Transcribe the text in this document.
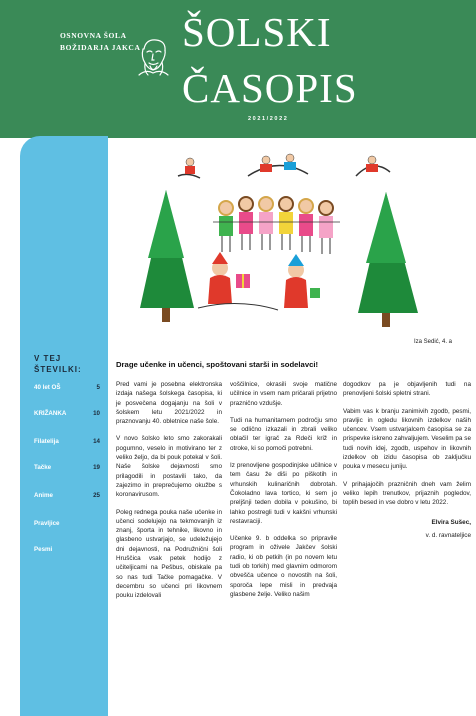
OSNOVNA ŠOLA
BOŽIDARJA JAKCA ŠOLSKI
ČASOPIS
2021/2022
V TEJ
ŠTEVILKI:
40 let OŠ	5
KRIŽANKA	10
Filatelija	14
Tačke	19
Anime	25
Pravljice
Pesmi
Iza Sedić, 4. a
Drage učenke in učenci, spoštovani starši in sodelavci!

Pred vami je posebna elektronska izdaja našega šolskega časopisa, ki je posvečena dogajanju na šoli v šolskem letu 2021/2022 in praznovanju 40. obletnice naše šole.

V novo šolsko leto smo zakorakali pogumno, veselo in motivirano ter z veliko željo, da bi pouk potekal v šoli. Naše šolske dejavnosti smo prilagodili in postavili tako, da zajezimo in preprečujemo okužbe s koronavirusom.

Poleg rednega pouka naše učenke in učenci sodelujejo na tekmovanjih iz znanj, športa in tehnike, likovno in glasbeno ustvarjajo, se udeležujejo dni dejavnosti, na Podružnični šoli Hruščica vsak petek hodijo z učiteljicami na Pešbus, obiskale pa so nas tudi Tačke pomagačke. V decembru so učenci pri likovnem pouku izdelovali

voščilnice, okrasili svoje matične učilnice in vsem nam pričarali prijetno praznično vzdušje.

Tudi na humanitarnem področju smo se odlično izkazali in zbrali veliko oblačil ter igrač za Rdeči križ in otroke, ki so pomoči potrebni.

Iz prenovljene gospodinjske učilnice v tem času že diši po piškotih in vrhunskih kulinaričnih dobrotah. Čokoladno lava tortico, ki sem jo preljšnji teden dobila v pokušino, bi lahko postregli tudi v kakšni vrhunski restavraciji.

Učenke 9. b oddelka so pripravile program in oživele Jakčev šolski radio, ki ob petkih (in po novem letu tudi ob torkih) med glavnim odmorom obveščа učence o novostih na šoli, sporoča lepe misli in predvaja glasbene želje. Veliko našim

dogodkov pa je objavljenih tudi na prenovljeni šolski spletni strani.

Vabim vas k branju zanimivih zgodb, pesmi, pravljic in ogledu likovnih izdelkov naših učencev. Vsem ustvarjalcem časopisa se za prispevke iskreno zahvaljujem. Veselim pa se tudi novih idej, zgodb, uspehov in likovnih izdelkov ob izidu časopisa ob zaključku pouka v mesecu juniju.

V prihajajočih prazničnih dneh vam želim veliko lepih trenutkov, prijaznih pogledov, toplih besed in vse dobro v letu 2022.

Elvira Sušec,

v. d. ravnateljice
